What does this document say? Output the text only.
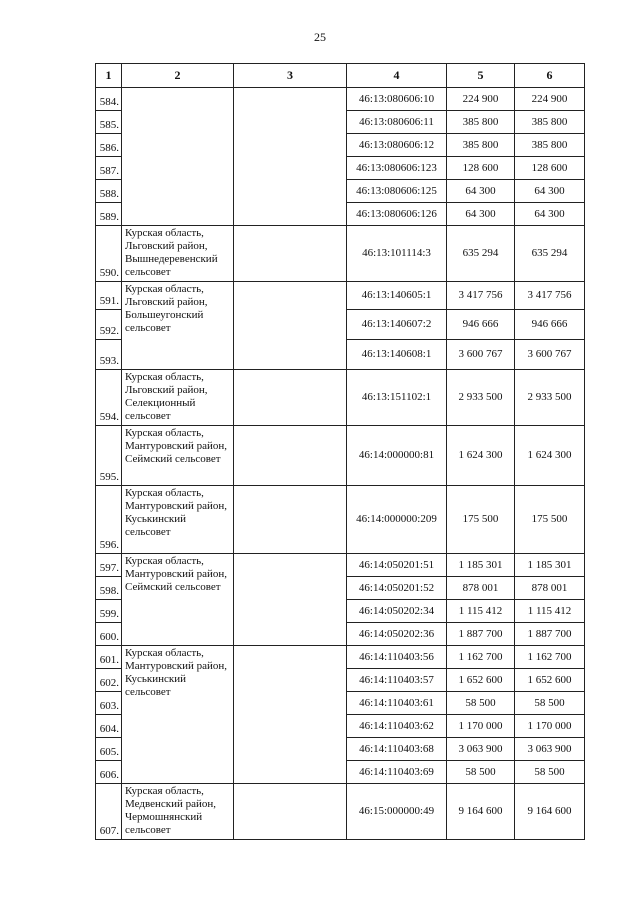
25
1	2	3	4	5	6
584.			46:13:080606:10	224 900	224 900
585.			46:13:080606:11	385 800	385 800
586.			46:13:080606:12	385 800	385 800
587.			46:13:080606:123	128 600	128 600
588.			46:13:080606:125	64 300	64 300
589.			46:13:080606:126	64 300	64 300
590.	Курская область, Льговский район, Вышнедеревенский сельсовет		46:13:101114:3	635 294	635 294
591.	Курская область, Льговский район, Большеугонский сельсовет		46:13:140605:1	3 417 756	3 417 756
592.			46:13:140607:2	946 666	946 666
593.			46:13:140608:1	3 600 767	3 600 767
594.	Курская область, Льговский район, Селекционный сельсовет		46:13:151102:1	2 933 500	2 933 500
595.	Курская область, Мантуровский район, Сеймский сельсовет		46:14:000000:81	1 624 300	1 624 300
596.	Курская область, Мантуровский район, Куськинский сельсовет		46:14:000000:209	175 500	175 500
597.	Курская область, Мантуровский район, Сеймский сельсовет		46:14:050201:51	1 185 301	1 185 301
598.			46:14:050201:52	878 001	878 001
599.			46:14:050202:34	1 115 412	1 115 412
600.			46:14:050202:36	1 887 700	1 887 700
601.	Курская область, Мантуровский район, Куськинский сельсовет		46:14:110403:56	1 162 700	1 162 700
602.			46:14:110403:57	1 652 600	1 652 600
603.			46:14:110403:61	58 500	58 500
604.			46:14:110403:62	1 170 000	1 170 000
605.			46:14:110403:68	3 063 900	3 063 900
606.			46:14:110403:69	58 500	58 500
607.	Курская область, Медвенский район, Чермошнянский сельсовет		46:15:000000:49	9 164 600	9 164 600
